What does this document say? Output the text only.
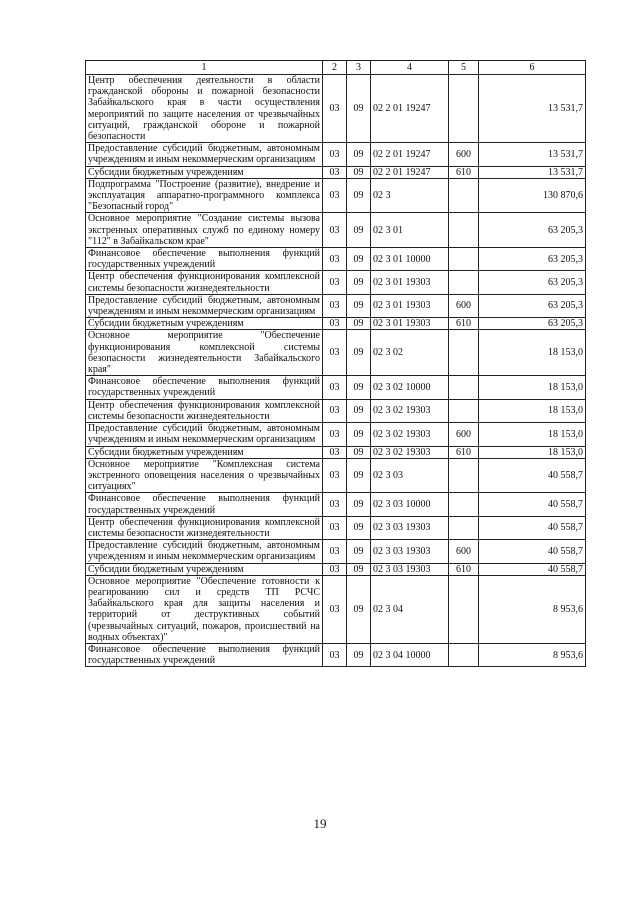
1	2	3	4	5	6
Центр обеспечения деятельности в области гражданской обороны и пожарной безопасности Забайкальского края в части осуществления мероприятий по защите населения от чрезвычайных ситуаций, гражданской обороне и пожарной безопасности	03	09	02 2 01 19247		13 531,7
Предоставление субсидий бюджетным, автономным учреждениям и иным некоммерческим организациям	03	09	02 2 01 19247	600	13 531,7
Субсидии бюджетным учреждениям	03	09	02 2 01 19247	610	13 531,7
Подпрограмма "Построение (развитие), внедрение и эксплуатация аппаратно-программного комплекса "Безопасный город"	03	09	02 3		130 870,6
Основное мероприятие "Создание системы вызова экстренных оперативных служб по единому номеру "112" в Забайкальском крае"	03	09	02 3 01		63 205,3
Финансовое обеспечение выполнения функций государственных учреждений	03	09	02 3 01 10000		63 205,3
Центр обеспечения функционирования комплексной системы безопасности жизнедеятельности	03	09	02 3 01 19303		63 205,3
Предоставление субсидий бюджетным, автономным учреждениям и иным некоммерческим организациям	03	09	02 3 01 19303	600	63 205,3
Субсидии бюджетным учреждениям	03	09	02 3 01 19303	610	63 205,3
Основное мероприятие "Обеспечение функционирования комплексной системы безопасности жизнедеятельности Забайкальского края"	03	09	02 3 02		18 153,0
Финансовое обеспечение выполнения функций государственных учреждений	03	09	02 3 02 10000		18 153,0
Центр обеспечения функционирования комплексной системы безопасности жизнедеятельности	03	09	02 3 02 19303		18 153,0
Предоставление субсидий бюджетным, автономным учреждениям и иным некоммерческим организациям	03	09	02 3 02 19303	600	18 153,0
Субсидии бюджетным учреждениям	03	09	02 3 02 19303	610	18 153,0
Основное мероприятие "Комплексная система экстренного оповещения населения о чрезвычайных ситуациях"	03	09	02 3 03		40 558,7
Финансовое обеспечение выполнения функций государственных учреждений	03	09	02 3 03 10000		40 558,7
Центр обеспечения функционирования комплексной системы безопасности жизнедеятельности	03	09	02 3 03 19303		40 558,7
Предоставление субсидий бюджетным, автономным учреждениям и иным некоммерческим организациям	03	09	02 3 03 19303	600	40 558,7
Субсидии бюджетным учреждениям	03	09	02 3 03 19303	610	40 558,7
Основное мероприятие "Обеспечение готовности к реагированию сил и средств ТП РСЧС Забайкальского края для защиты населения и территорий от деструктивных событий (чрезвычайных ситуаций, пожаров, происшествий на водных объектах)"	03	09	02 3 04		8 953,6
Финансовое обеспечение выполнения функций государственных учреждений	03	09	02 3 04 10000		8 953,6
19
